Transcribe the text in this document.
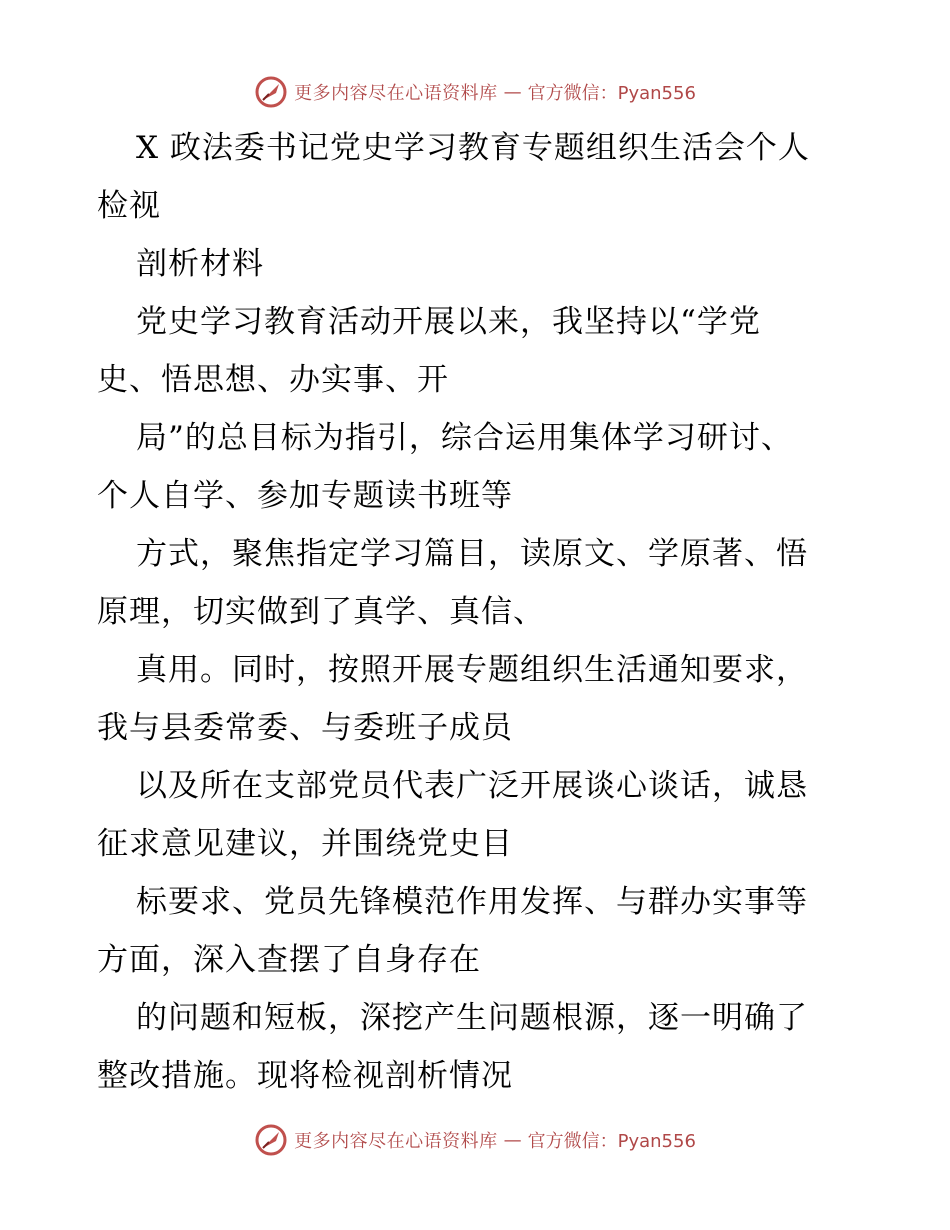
更多内容尽在心语资料库 — 官方微信：Pyan556
X 政法委书记党史学习教育专题组织生活会个人
检视
剖析材料
党史学习教育活动开展以来，我坚持以“学党
史、悟思想、办实事、开
局”的总目标为指引，综合运用集体学习研讨、
个人自学、参加专题读书班等
方式，聚焦指定学习篇目，读原文、学原著、悟
原理，切实做到了真学、真信、
真用。同时，按照开展专题组织生活通知要求，
我与县委常委、与委班子成员
以及所在支部党员代表广泛开展谈心谈话，诚恳
征求意见建议，并围绕党史目
标要求、党员先锋模范作用发挥、与群办实事等
方面，深入查摆了自身存在
的问题和短板，深挖产生问题根源，逐一明确了
整改措施。现将检视剖析情况
更多内容尽在心语资料库 — 官方微信：Pyan556
